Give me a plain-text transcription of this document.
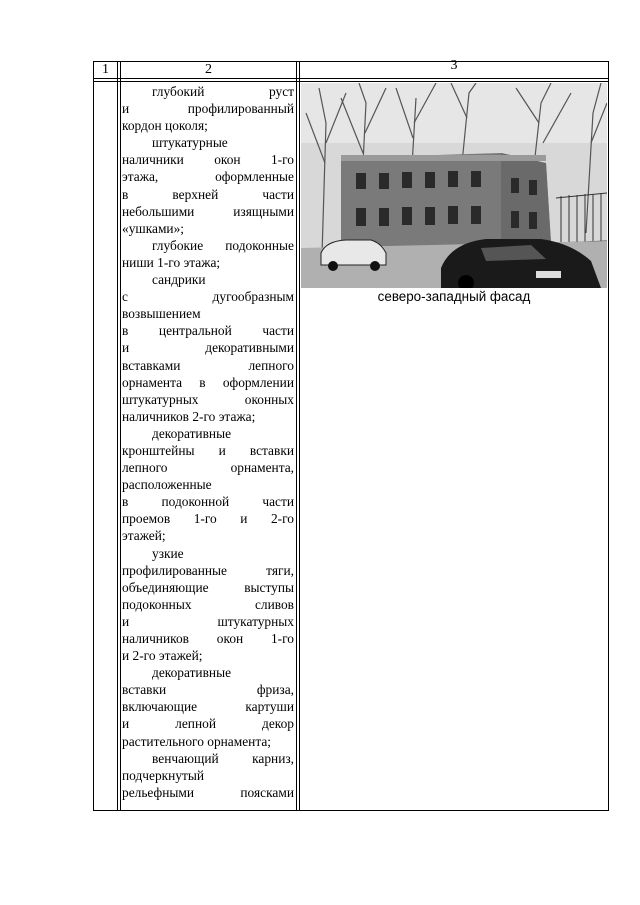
1	2	3
глубокий руст
и профилированный
кордон цоколя;
штукатурные
наличники окон 1-го
этажа, оформленные
в верхней части
небольшими изящными
«ушками»;
глубокие подоконные
ниши 1-го этажа;
сандрики
с дугообразным
возвышением
в центральной части
и декоративными
вставками лепного
орнамента в оформлении
штукатурных оконных
наличников 2-го этажа;
декоративные
кронштейны и вставки
лепного орнамента,
расположенные
в подоконной части
проемов 1-го и 2-го
этажей;
узкие
профилированные тяги,
объединяющие выступы
подоконных сливов
и штукатурных
наличников окон 1-го
и 2-го этажей;
декоративные
вставки фриза,
включающие картуши
и лепной декор
растительного орнамента;
венчающий карниз,
подчеркнутый
рельефными поясками
северо-западный фасад
